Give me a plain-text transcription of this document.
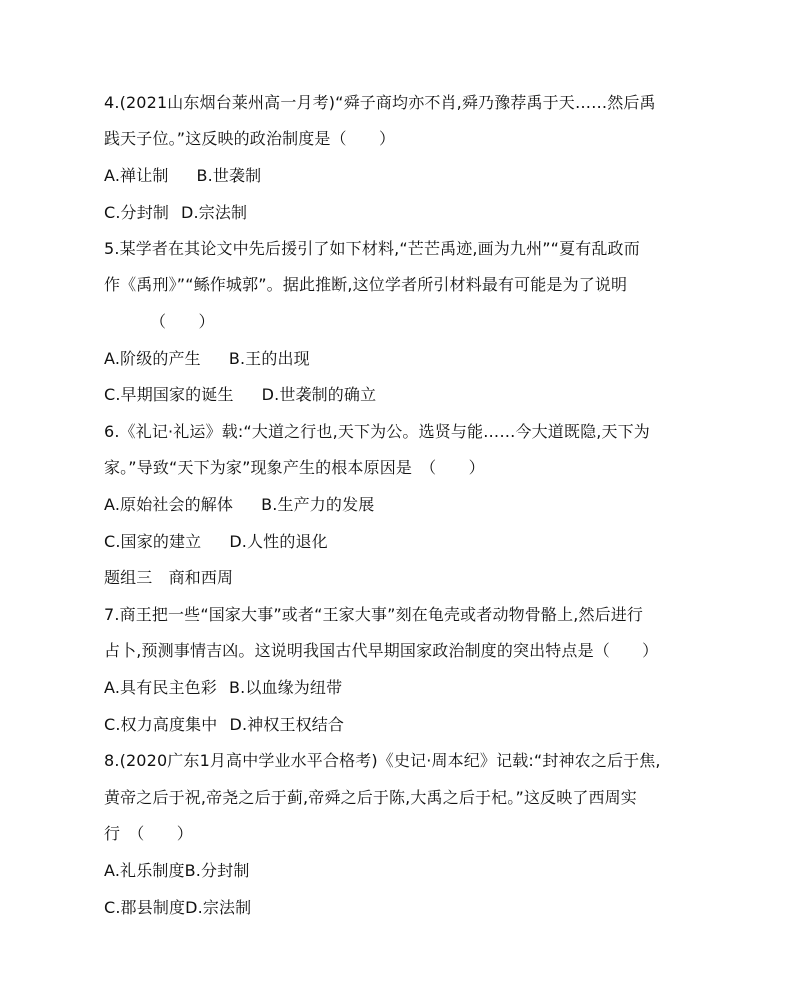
4.(2021山东烟台莱州高一月考)“舜子商均亦不肖,舜乃豫荐禹于天……然后禹
践天子位。”这反映的政治制度是（　　）
A.禅让制 B.世袭制
C.分封制 D.宗法制
5.某学者在其论文中先后援引了如下材料,“芒芒禹迹,画为九州”“夏有乱政而
作《禹刑》”“鲧作城郭”。据此推断,这位学者所引材料最有可能是为了说明
（　　）
A.阶级的产生 B.王的出现
C.早期国家的诞生 D.世袭制的确立
6.《礼记·礼运》载:“大道之行也,天下为公。选贤与能……今大道既隐,天下为
家。”导致“天下为家”现象产生的根本原因是　（　　）
A.原始社会的解体 B.生产力的发展
C.国家的建立 D.人性的退化
题组三　商和西周
7.商王把一些“国家大事”或者“王家大事”刻在龟壳或者动物骨骼上,然后进行
占卜,预测事情吉凶。这说明我国古代早期国家政治制度的突出特点是（　　）
A.具有民主色彩 B.以血缘为纽带
C.权力高度集中 D.神权王权结合
8.(2020广东1月高中学业水平合格考)《史记·周本纪》记载:“封神农之后于焦,
黄帝之后于祝,帝尧之后于蓟,帝舜之后于陈,大禹之后于杞。”这反映了西周实
行　（　　）
A.礼乐制度B.分封制
C.郡县制度D.宗法制
